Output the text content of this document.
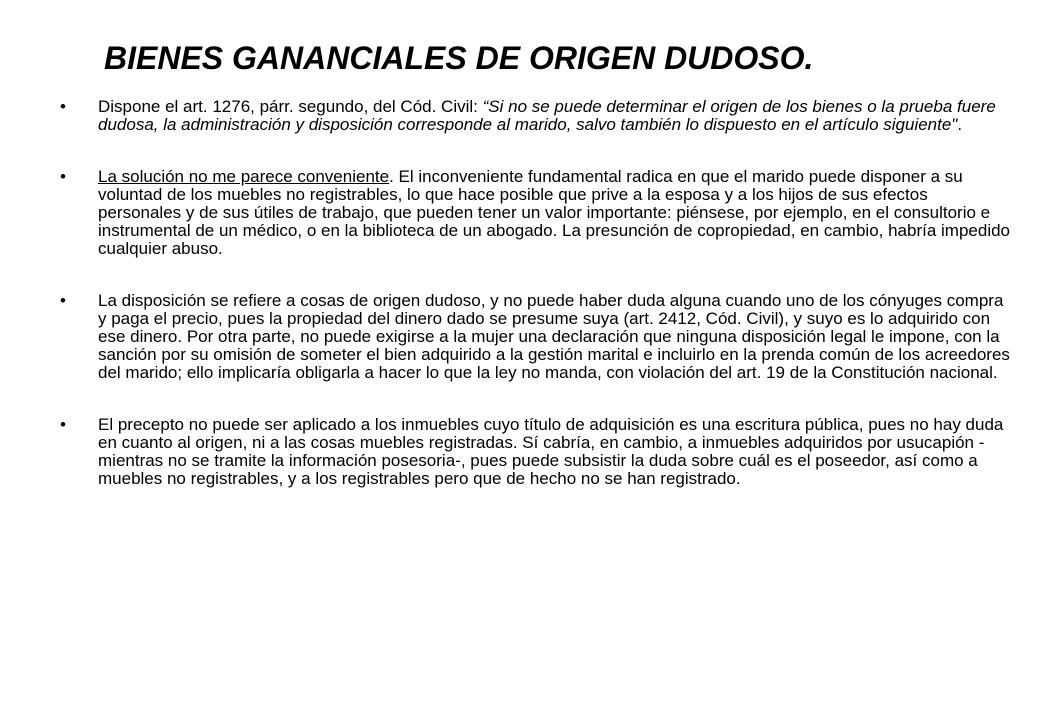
BIENES GANANCIALES DE ORIGEN DUDOSO.
• Dispone el art. 1276, párr. segundo, del Cód. Civil: “Si no se puede determinar el origen de los bienes o la prueba fuere dudosa, la administración y disposición corresponde al marido, salvo también lo dispuesto en el artículo siguiente".
• La solución no me parece conveniente. El inconveniente fundamental radica en que el marido puede disponer a su voluntad de los muebles no registrables, lo que hace posible que prive a la esposa y a los hijos de sus efectos personales y de sus útiles de trabajo, que pueden tener un valor importante: piénsese, por ejemplo, en el consultorio e instrumental de un médico, o en la biblioteca de un abogado. La presunción de copropiedad, en cambio, habría impedido cualquier abuso.
• La disposición se refiere a cosas de origen dudoso, y no puede haber duda alguna cuando uno de los cónyuges compra y paga el precio, pues la propiedad del dinero dado se presume suya (art. 2412, Cód. Civil), y suyo es lo adquirido con ese dinero. Por otra parte, no puede exigirse a la mujer una declaración que ninguna disposición legal le impone, con la sanción por su omisión de someter el bien adquirido a la gestión marital e incluirlo en la prenda común de los acreedores del marido; ello implicaría obligarla a hacer lo que la ley no manda, con violación del art. 19 de la Constitución nacional.
• El precepto no puede ser aplicado a los inmuebles cuyo título de adquisición es una escritura pública, pues no hay duda en cuanto al origen, ni a las cosas muebles registradas. Sí cabría, en cambio, a inmuebles adquiridos por usucapión -mientras no se tramite la información posesoria-, pues puede subsistir la duda sobre cuál es el poseedor, así como a muebles no registrables, y a los registrables pero que de hecho no se han registrado.
